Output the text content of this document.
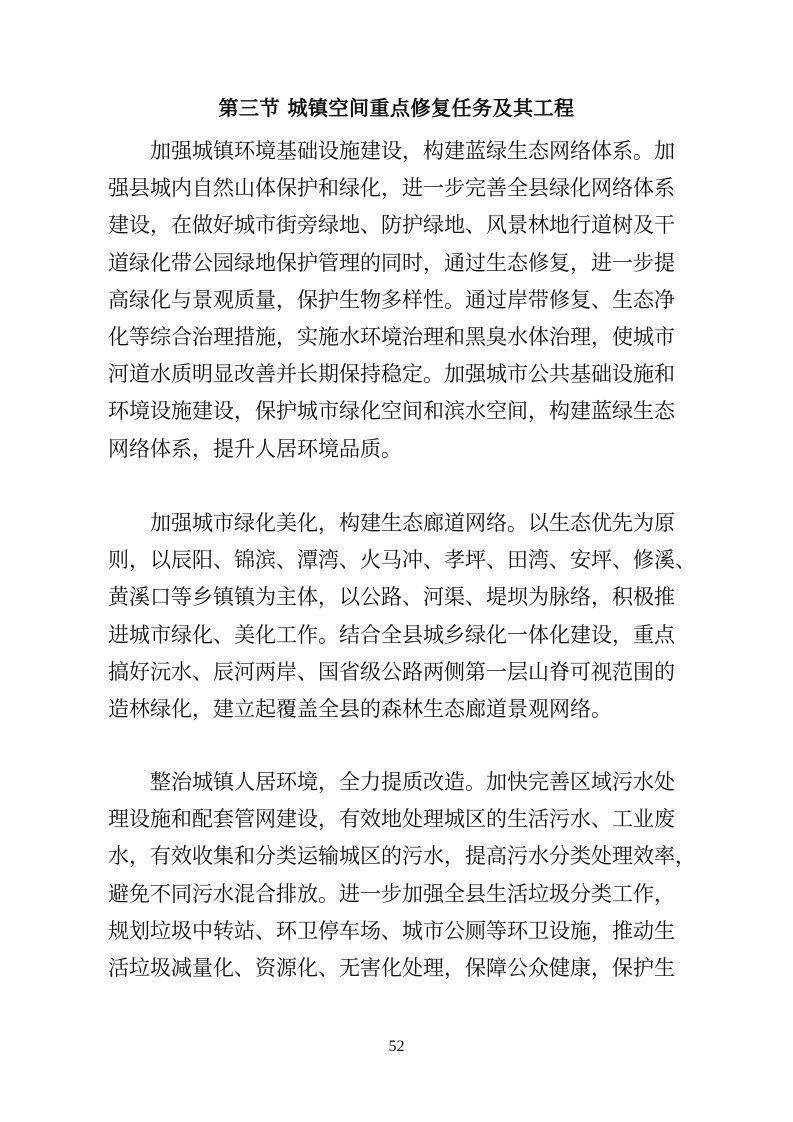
第三节 城镇空间重点修复任务及其工程
加强城镇环境基础设施建设，构建蓝绿生态网络体系。加
强县城内自然山体保护和绿化，进一步完善全县绿化网络体系
建设，在做好城市街旁绿地、防护绿地、风景林地行道树及干
道绿化带公园绿地保护管理的同时，通过生态修复，进一步提
高绿化与景观质量，保护生物多样性。通过岸带修复、生态净
化等综合治理措施，实施水环境治理和黑臭水体治理，使城市
河道水质明显改善并长期保持稳定。加强城市公共基础设施和
环境设施建设，保护城市绿化空间和滨水空间，构建蓝绿生态
网络体系，提升人居环境品质。
加强城市绿化美化，构建生态廊道网络。以生态优先为原
则，以辰阳、锦滨、潭湾、火马冲、孝坪、田湾、安坪、修溪、
黄溪口等乡镇镇为主体，以公路、河渠、堤坝为脉络，积极推
进城市绿化、美化工作。结合全县城乡绿化一体化建设，重点
搞好沅水、辰河两岸、国省级公路两侧第一层山脊可视范围的
造林绿化，建立起覆盖全县的森林生态廊道景观网络。
整治城镇人居环境，全力提质改造。加快完善区域污水处
理设施和配套管网建设，有效地处理城区的生活污水、工业废
水，有效收集和分类运输城区的污水，提高污水分类处理效率，
避免不同污水混合排放。进一步加强全县生活垃圾分类工作，
规划垃圾中转站、环卫停车场、城市公厕等环卫设施，推动生
活垃圾减量化、资源化、无害化处理，保障公众健康，保护生
52
